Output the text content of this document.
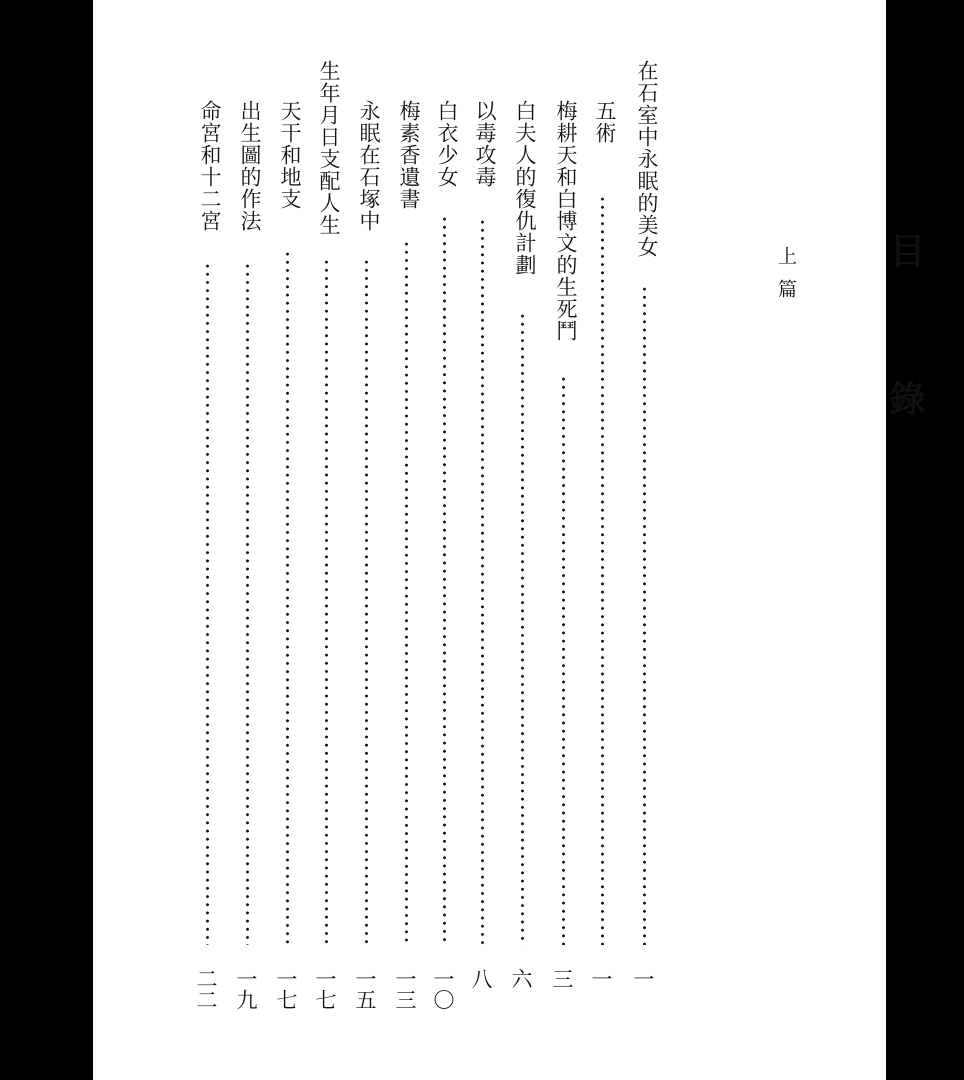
目錄
上篇
在石室中永眠的美女
一
五術
一
梅耕天和白博文的生死鬥
三
白夫人的復仇計劃
六
以毒攻毒
八
白衣少女
一〇
梅素香遺書
一三
永眠在石塚中
一五
生年月日支配人生
一七
天干和地支
一七
出生圖的作法
一九
命宮和十二宮
二二
